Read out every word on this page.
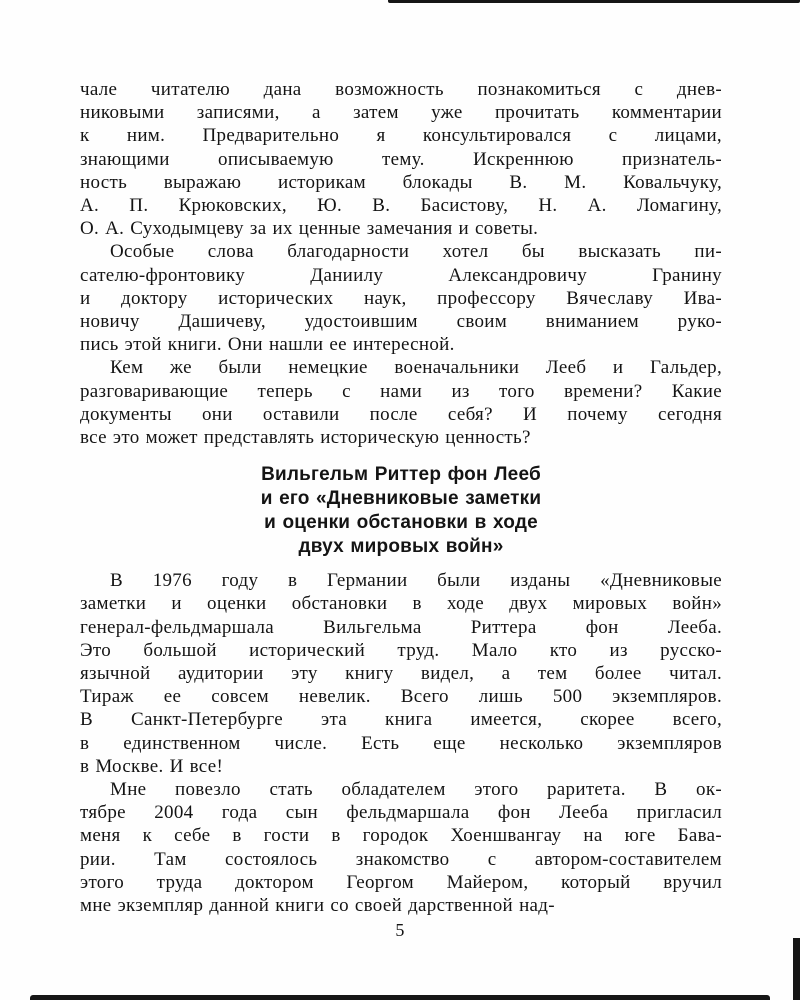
чале читателю дана возможность познакомиться с днев-
никовыми записями, а затем уже прочитать комментарии
к ним. Предварительно я консультировался с лицами,
знающими описываемую тему. Искреннюю признатель-
ность выражаю историкам блокады В. М. Ковальчуку,
А. П. Крюковских, Ю. В. Басистову, Н. А. Ломагину,
О. А. Суходымцеву за их ценные замечания и советы.
Особые слова благодарности хотел бы высказать пи-
сателю-фронтовику Даниилу Александровичу Гранину
и доктору исторических наук, профессору Вячеславу Ива-
новичу Дашичеву, удостоившим своим вниманием руко-
пись этой книги. Они нашли ее интересной.
Кем же были немецкие военачальники Лееб и Гальдер,
разговаривающие теперь с нами из того времени? Какие
документы они оставили после себя? И почему сегодня
все это может представлять историческую ценность?
Вильгельм Риттер фон Лееб
и его «Дневниковые заметки
и оценки обстановки в ходе
двух мировых войн»
В 1976 году в Германии были изданы «Дневниковые
заметки и оценки обстановки в ходе двух мировых войн»
генерал-фельдмаршала Вильгельма Риттера фон Лееба.
Это большой исторический труд. Мало кто из русско-
язычной аудитории эту книгу видел, а тем более читал.
Тираж ее совсем невелик. Всего лишь 500 экземпляров.
В Санкт-Петербурге эта книга имеется, скорее всего,
в единственном числе. Есть еще несколько экземпляров
в Москве. И все!
Мне повезло стать обладателем этого раритета. В ок-
тябре 2004 года сын фельдмаршала фон Лееба пригласил
меня к себе в гости в городок Хоеншвангау на юге Бава-
рии. Там состоялось знакомство с автором-составителем
этого труда доктором Георгом Майером, который вручил
мне экземпляр данной книги со своей дарственной над-
5
